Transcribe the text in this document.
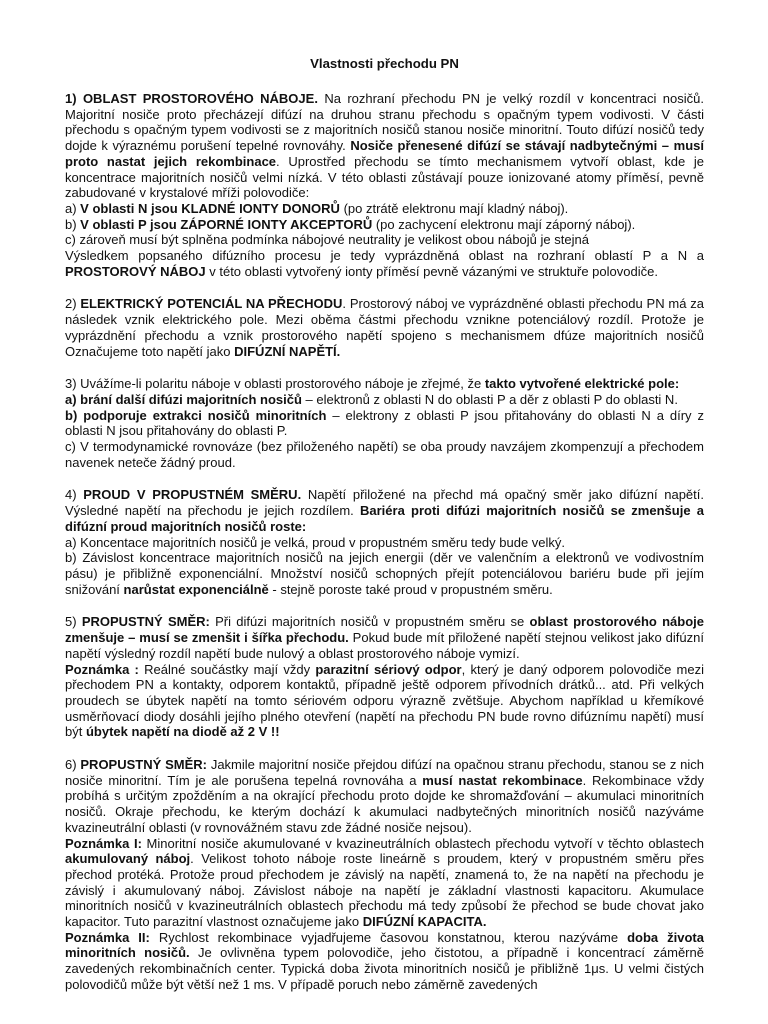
Vlastnosti přechodu PN

1) OBLAST PROSTOROVÉHO NÁBOJE. Na rozhraní přechodu PN je velký rozdíl v koncentraci nosičů. Majoritní nosiče proto přecházejí difúzí na druhou stranu přechodu s opačným typem vodivosti. V části přechodu s opačným typem vodivosti se z majoritních nosičů stanou nosiče minoritní. Touto difúzí nosičů tedy dojde k výraznému porušení tepelné rovnováhy. Nosiče přenesené difúzí se stávají nadbytečnými – musí proto nastat jejich rekombinace. Uprostřed přechodu se tímto mechanismem vytvoří oblast, kde je koncentrace majoritních nosičů velmi nízká. V této oblasti zůstávají pouze ionizované atomy příměsí, pevně zabudované v krystalové mříži polovodiče:

a) V oblasti N jsou KLADNÉ IONTY DONORŮ (po ztrátě elektronu mají kladný náboj).

b) V oblasti P jsou ZÁPORNÉ IONTY AKCEPTORŮ (po zachycení elektronu mají záporný náboj).

c) zároveň musí být splněna podmínka nábojové neutrality je velikost obou nábojů je stejná

Výsledkem popsaného difúzního procesu je tedy vyprázdněná oblast na rozhraní oblastí P a N a PROSTOROVÝ NÁBOJ v této oblasti vytvořený ionty příměsí pevně vázanými ve struktuře polovodiče.

2) ELEKTRICKÝ POTENCIÁL NA PŘECHODU. Prostorový náboj ve vyprázdněné oblasti přechodu PN má za následek vznik elektrického pole. Mezi oběma částmi přechodu vznikne potenciálový rozdíl. Protože je vyprázdnění přechodu a vznik prostorového napětí spojeno s mechanismem dfúze majoritních nosičů Označujeme toto napětí jako DIFÚZNÍ NAPĚTÍ.

3) Uvážíme-li polaritu náboje v oblasti prostorového náboje je zřejmé, že takto vytvořené elektrické pole:

a) brání další difúzi majoritních nosičů – elektronů z oblasti N do oblasti P a děr z oblasti P do oblasti N.

b) podporuje extrakci nosičů minoritních – elektrony z oblasti P jsou přitahovány do oblasti N a díry z oblasti N jsou přitahovány do oblasti P.

c) V termodynamické rovnováze (bez přiloženého napětí) se oba proudy navzájem zkompenzují a přechodem navenek neteče žádný proud.

4) PROUD V PROPUSTNÉM SMĚRU. Napětí přiložené na přechd má opačný směr jako difúzní napětí. Výsledné napětí na přechodu je jejich rozdílem. Bariéra proti difúzi majoritních nosičů se zmenšuje a difúzní proud majoritních nosičů roste:

a) Koncentace majoritních nosičů je velká, proud v propustném směru tedy bude velký.

b) Závislost koncentrace majoritních nosičů na jejich energii (děr ve valenčním a elektronů ve vodivostním pásu) je přibližně exponenciální. Množství nosičů schopných přejít potenciálovou bariéru bude při jejím snižování narůstat exponenciálně - stejně poroste také proud v propustném směru.

5) PROPUSTNÝ SMĚR: Při difúzi majoritních nosičů v propustném směru se oblast prostorového náboje zmenšuje – musí se zmenšit i šířka přechodu. Pokud bude mít přiložené napětí stejnou velikost jako difúzní napětí výsledný rozdíl napětí bude nulový a oblast prostorového náboje vymizí.

Poznámka : Reálné součástky mají vždy parazitní sériový odpor, který je daný odporem polovodiče mezi přechodem PN a kontakty, odporem kontaktů, případně ještě odporem přívodních drátků... atd. Při velkých proudech se úbytek napětí na tomto sériovém odporu výrazně zvětšuje. Abychom například u křemíkové usměrňovací diody dosáhli jejího plného otevření (napětí na přechodu PN bude rovno difúznímu napětí) musí být úbytek napětí na diodě až 2 V !!

6) PROPUSTNÝ SMĚR: Jakmile majoritní nosiče přejdou difúzí na opačnou stranu přechodu, stanou se z nich nosiče minoritní. Tím je ale porušena tepelná rovnováha a musí nastat rekombinace. Rekombinace vždy probíhá s určitým zpožděním a na okrající přechodu proto dojde ke shromažďování – akumulaci minoritních nosičů. Okraje přechodu, ke kterým dochází k akumulaci nadbytečných minoritních nosičů nazýváme kvazineutrální oblasti (v rovnovážném stavu zde žádné nosiče nejsou).

Poznámka I: Minoritní nosiče akumulované v kvazineutrálních oblastech přechodu vytvoří v těchto oblastech akumulovaný náboj. Velikost tohoto náboje roste lineárně s proudem, který v propustném směru přes přechod protéká. Protože proud přechodem je závislý na napětí, znamená to, že na napětí na přechodu je závislý i akumulovaný náboj. Závislost náboje na napětí je základní vlastnosti kapacitoru. Akumulace minoritních nosičů v kvazineutrálních oblastech přechodu má tedy způsobí že přechod se bude chovat jako kapacitor. Tuto parazitní vlastnost označujeme jako DIFÚZNÍ KAPACITA.

Poznámka II: Rychlost rekombinace vyjadřujeme časovou konstatnou, kterou nazýváme doba života minoritních nosičů. Je ovlivněna typem polovodiče, jeho čistotou, a případně i koncentrací záměrně zavedených rekombinačních center. Typická doba života minoritních nosičů je přibližně 1μs. U velmi čistých polovodičů může být větší než 1 ms. V případě poruch nebo záměrně zavedených
